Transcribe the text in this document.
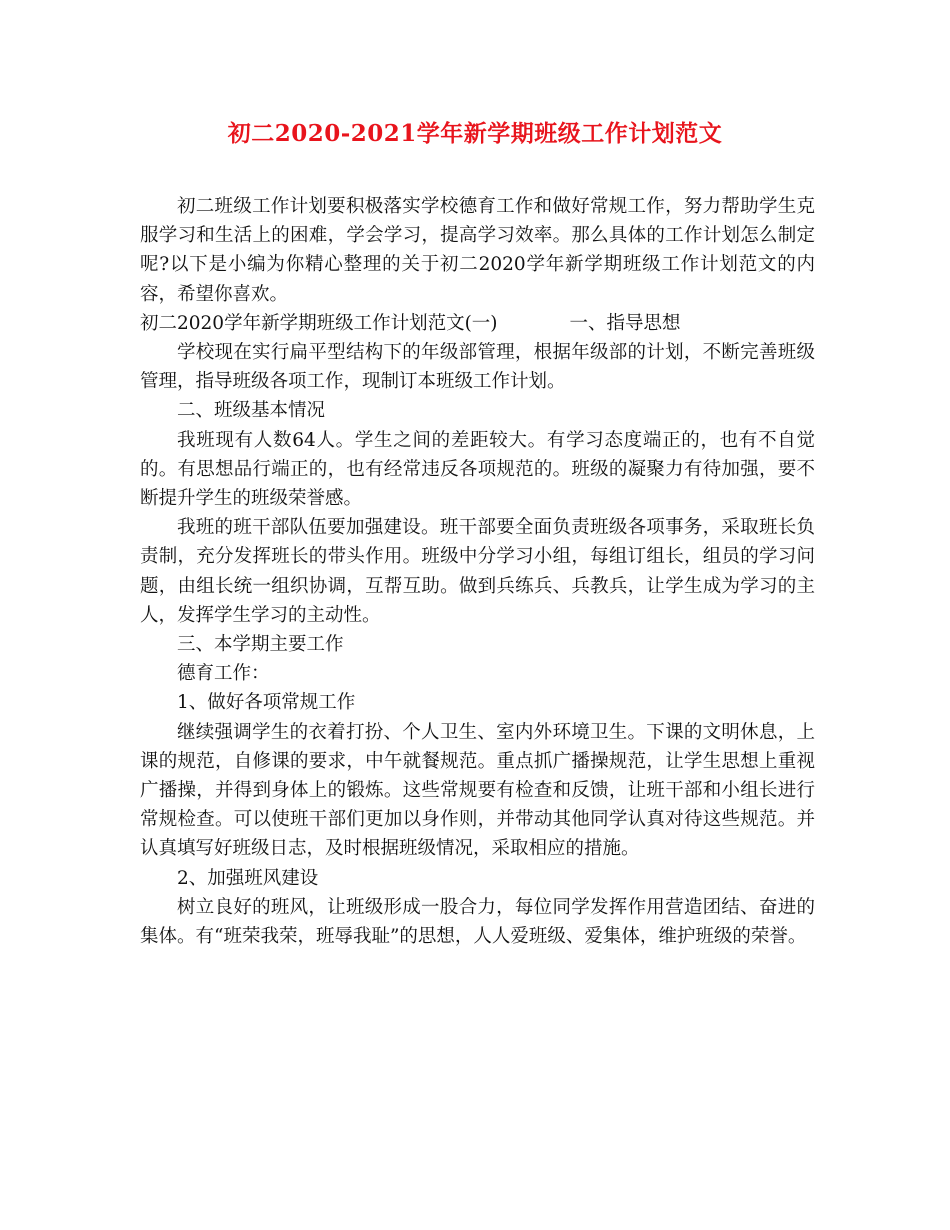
初二2020-2021学年新学期班级工作计划范文

初二班级工作计划要积极落实学校德育工作和做好常规工作，努力帮助学生克服学习和生活上的困难，学会学习，提高学习效率。那么具体的工作计划怎么制定呢?以下是小编为你精心整理的关于初二2020学年新学期班级工作计划范文的内容，希望你喜欢。

初二2020学年新学期班级工作计划范文(一)	一、指导思想

学校现在实行扁平型结构下的年级部管理，根据年级部的计划，不断完善班级管理，指导班级各项工作，现制订本班级工作计划。

二、班级基本情况

我班现有人数64人。学生之间的差距较大。有学习态度端正的，也有不自觉的。有思想品行端正的，也有经常违反各项规范的。班级的凝聚力有待加强，要不断提升学生的班级荣誉感。

我班的班干部队伍要加强建设。班干部要全面负责班级各项事务，采取班长负责制，充分发挥班长的带头作用。班级中分学习小组，每组订组长，组员的学习问题，由组长统一组织协调，互帮互助。做到兵练兵、兵教兵，让学生成为学习的主人，发挥学生学习的主动性。

三、本学期主要工作

德育工作：

1、做好各项常规工作

继续强调学生的衣着打扮、个人卫生、室内外环境卫生。下课的文明休息，上课的规范，自修课的要求，中午就餐规范。重点抓广播操规范，让学生思想上重视广播操，并得到身体上的锻炼。这些常规要有检查和反馈，让班干部和小组长进行常规检查。可以使班干部们更加以身作则，并带动其他同学认真对待这些规范。并认真填写好班级日志，及时根据班级情况，采取相应的措施。

2、加强班风建设

树立良好的班风，让班级形成一股合力，每位同学发挥作用营造团结、奋进的集体。有“班荣我荣，班辱我耻”的思想，人人爱班级、爱集体，维护班级的荣誉。
